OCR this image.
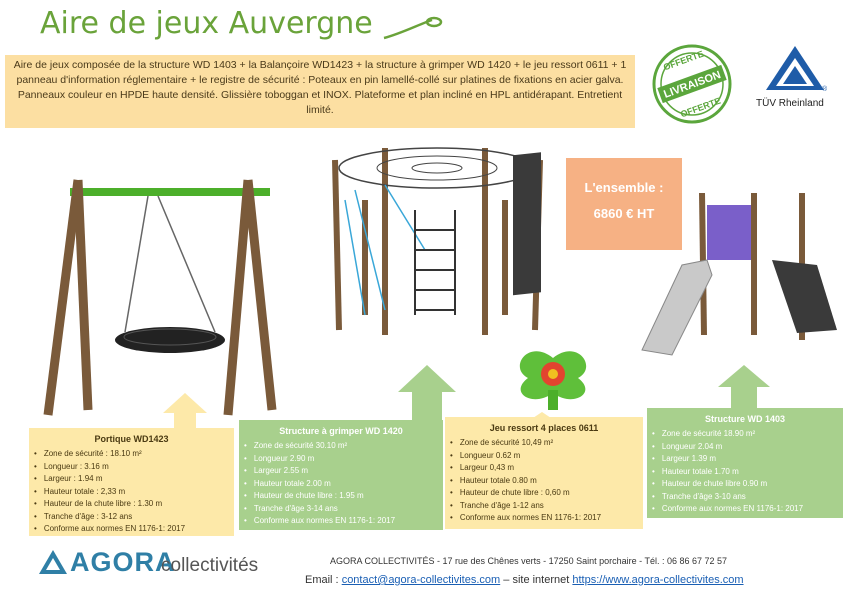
Aire de jeux Auvergne
Aire de jeux composée de la structure WD 1403 + la Balançoire WD1423 + la structure à grimper WD 1420 + le jeu ressort 0611 + 1 panneau d'information réglementaire + le registre de sécurité : Poteaux en pin lamellé-collé sur platines de fixations en acier galva. Panneaux couleur en HPDE haute densité. Glissière toboggan et INOX. Plateforme et plan incliné en HPL antidérapant. Entretient limité.
OFFERTE
LIVRAISON
OFFERTE
®
TÜV Rheinland
L'ensemble :
6860 € HT
Portique WD1423
• Zone de sécurité : 18.10 m²
• Longueur : 3.16 m
• Largeur : 1.94 m
• Hauteur totale : 2,33 m
• Hauteur de la chute libre : 1.30 m
• Tranche d'âge : 3-12 ans
• Conforme aux normes EN 1176-1: 2017
Structure à grimper WD 1420
• Zone de sécurité 30.10 m²
• Longueur 2.90 m
• Largeur 2.55 m
• Hauteur totale 2.00 m
• Hauteur de chute libre : 1.95 m
• Tranche d'âge 3-14 ans
• Conforme aux normes EN 1176-1: 2017
Jeu ressort 4 places 0611
• Zone de sécurité 10,49 m²
• Longueur 0.62 m
• Largeur 0,43 m
• Hauteur totale 0.80 m
• Hauteur de chute libre : 0,60 m
• Tranche d'âge 1-12 ans
• Conforme aux normes EN 1176-1: 2017
Structure WD 1403
• Zone de sécurité 18.90 m²
• Longueur 2.04 m
• Largeur 1.39 m
• Hauteur totale 1.70 m
• Hauteur de chute libre 0.90 m
• Tranche d'âge 3-10 ans
• Conforme aux normes EN 1176-1: 2017
AGORA
collectivités	AGORA COLLECTIVITÉS - 17 rue des Chênes verts - 17250 Saint porchaire - Tél. : 06 86 67 72 57
Email : contact@agora-collectivites.com – site internet https://www.agora-collectivites.com
